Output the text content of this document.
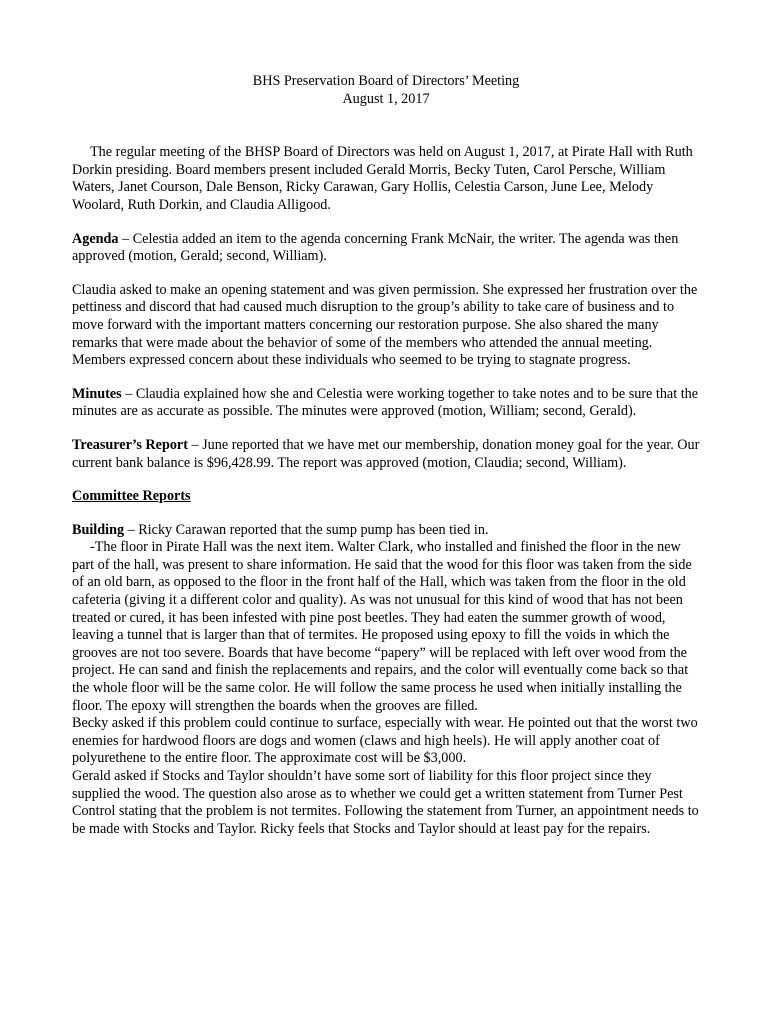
BHS Preservation Board of Directors’ Meeting
August 1, 2017

The regular meeting of the BHSP Board of Directors was held on August 1, 2017, at Pirate Hall with Ruth Dorkin presiding. Board members present included Gerald Morris, Becky Tuten, Carol Persche, William Waters, Janet Courson, Dale Benson, Ricky Carawan, Gary Hollis, Celestia Carson, June Lee, Melody Woolard, Ruth Dorkin, and Claudia Alligood.

Agenda – Celestia added an item to the agenda concerning Frank McNair, the writer. The agenda was then approved (motion, Gerald; second, William).

Claudia asked to make an opening statement and was given permission. She expressed her frustration over the pettiness and discord that had caused much disruption to the group’s ability to take care of business and to move forward with the important matters concerning our restoration purpose. She also shared the many remarks that were made about the behavior of some of the members who attended the annual meeting. Members expressed concern about these individuals who seemed to be trying to stagnate progress.

Minutes – Claudia explained how she and Celestia were working together to take notes and to be sure that the minutes are as accurate as possible. The minutes were approved (motion, William; second, Gerald).

Treasurer’s Report – June reported that we have met our membership, donation money goal for the year. Our current bank balance is $96,428.99. The report was approved (motion, Claudia; second, William).

Committee Reports

Building – Ricky Carawan reported that the sump pump has been tied in.

-The floor in Pirate Hall was the next item. Walter Clark, who installed and finished the floor in the new part of the hall, was present to share information. He said that the wood for this floor was taken from the side of an old barn, as opposed to the floor in the front half of the Hall, which was taken from the floor in the old cafeteria (giving it a different color and quality). As was not unusual for this kind of wood that has not been treated or cured, it has been infested with pine post beetles. They had eaten the summer growth of wood, leaving a tunnel that is larger than that of termites. He proposed using epoxy to fill the voids in which the grooves are not too severe. Boards that have become “papery” will be replaced with left over wood from the project. He can sand and finish the replacements and repairs, and the color will eventually come back so that the whole floor will be the same color. He will follow the same process he used when initially installing the floor. The epoxy will strengthen the boards when the grooves are filled.

Becky asked if this problem could continue to surface, especially with wear. He pointed out that the worst two enemies for hardwood floors are dogs and women (claws and high heels). He will apply another coat of polyurethene to the entire floor. The approximate cost will be $3,000.

Gerald asked if Stocks and Taylor shouldn’t have some sort of liability for this floor project since they supplied the wood. The question also arose as to whether we could get a written statement from Turner Pest Control stating that the problem is not termites. Following the statement from Turner, an appointment needs to be made with Stocks and Taylor. Ricky feels that Stocks and Taylor should at least pay for the repairs.
